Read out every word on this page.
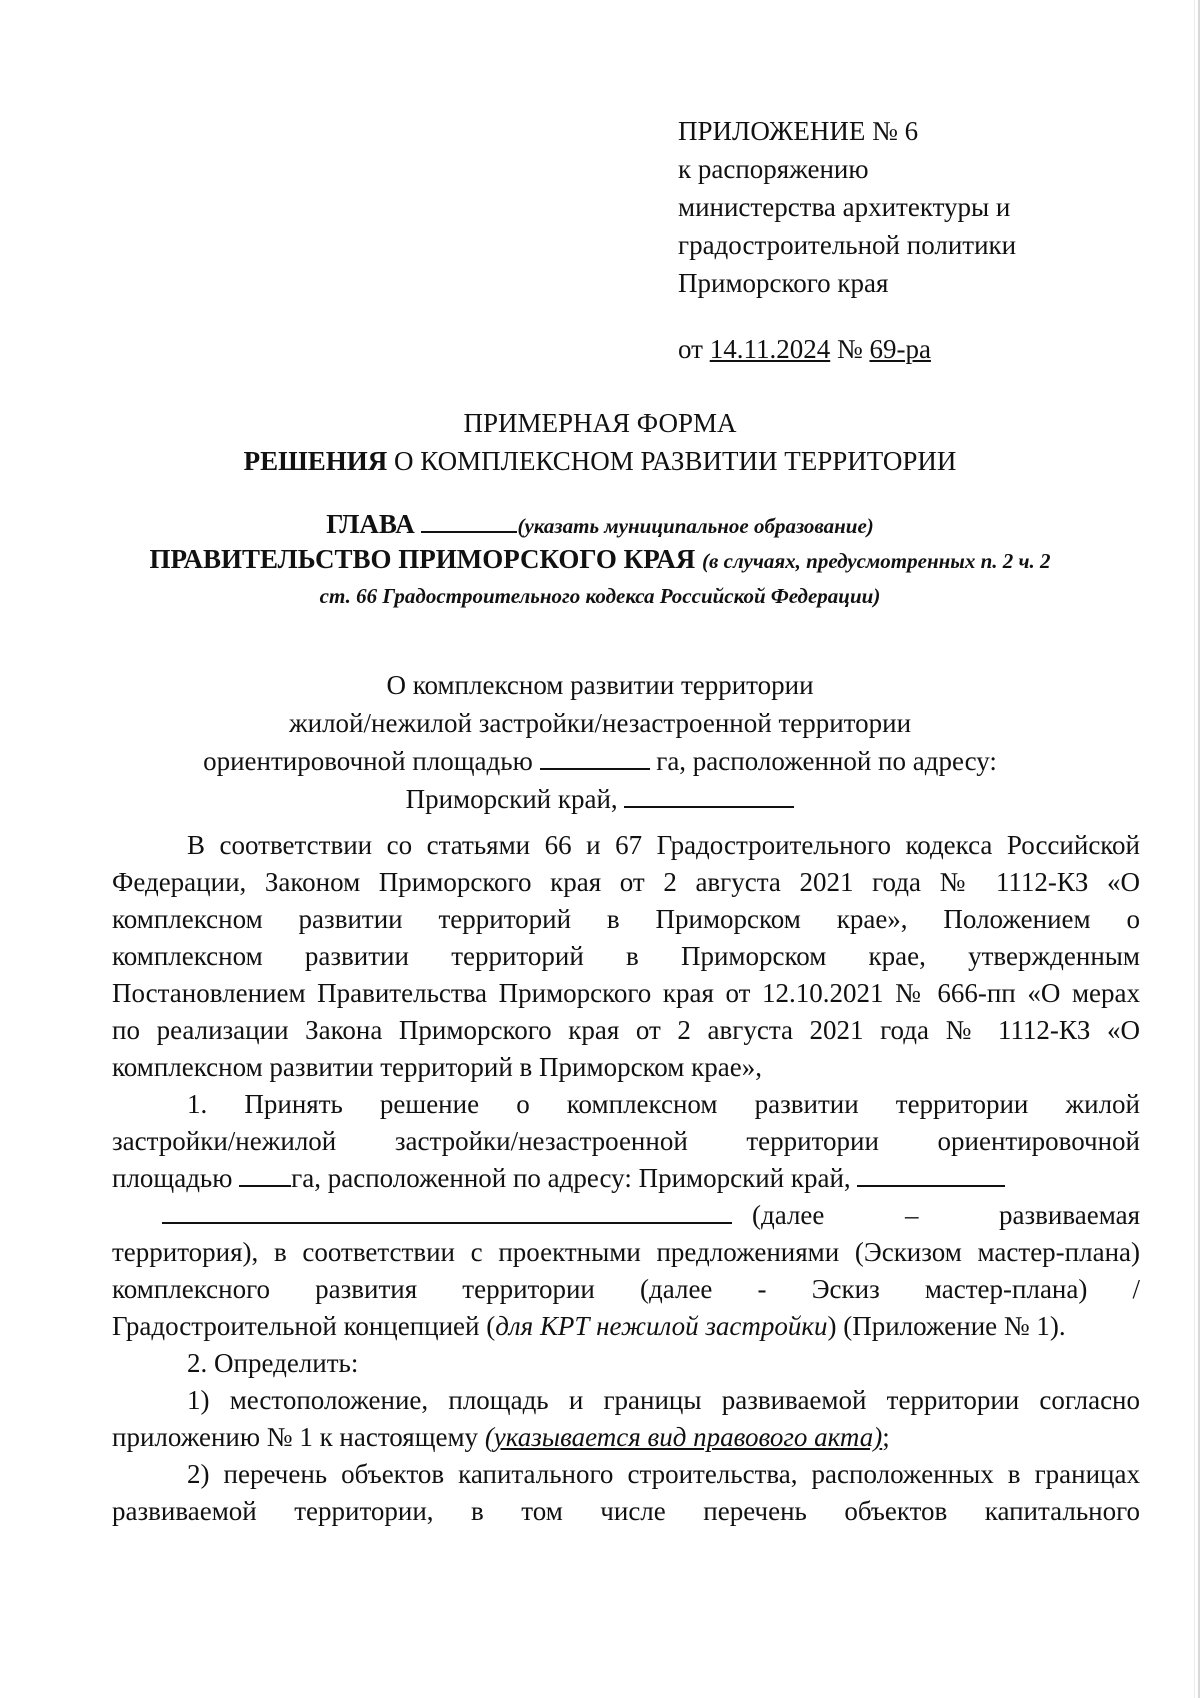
ПРИЛОЖЕНИЕ № 6
к распоряжению
министерства архитектуры и
градостроительной политики
Приморского края
от 14.11.2024 № 69-ра
ПРИМЕРНАЯ ФОРМА
РЕШЕНИЯ О КОМПЛЕКСНОМ РАЗВИТИИ ТЕРРИТОРИИ
ГЛАВА	(указать муниципальное образование)
ПРАВИТЕЛЬСТВО ПРИМОРСКОГО КРАЯ (в случаях, предусмотренных п. 2 ч. 2
ст. 66 Градостроительного кодекса Российской Федерации)
О комплексном развитии территории
жилой/нежилой застройки/незастроенной территории
ориентировочной площадью	га, расположенной по адресу:
Приморский край,
В соответствии со статьями 66 и 67 Градостроительного кодекса Российской
Федерации, Законом Приморского края от 2 августа 2021 года № 1112-КЗ «О
комплексном развитии территорий в Приморском крае», Положением о
комплексном развитии территорий в Приморском крае, утвержденным
Постановлением Правительства Приморского края от 12.10.2021 № 666-пп «О мерах
по реализации Закона Приморского края от 2 августа 2021 года № 1112-КЗ «О
комплексном развитии территорий в Приморском крае»,
1. Принять решение о комплексном развитии территории жилой
застройки/нежилой застройки/незастроенной территории ориентировочной
площадью га, расположенной по адресу: Приморский край,
(далее – развиваемая
территория), в соответствии с проектными предложениями (Эскизом мастер-плана)
комплексного развития территории (далее - Эскиз мастер-плана) /
Градостроительной концепцией (для КРТ нежилой застройки) (Приложение № 1).
2. Определить:
1) местоположение, площадь и границы развиваемой территории согласно
приложению № 1 к настоящему (указывается вид правового акта);
2) перечень объектов капитального строительства, расположенных в границах
развиваемой территории, в том числе перечень объектов капитального
